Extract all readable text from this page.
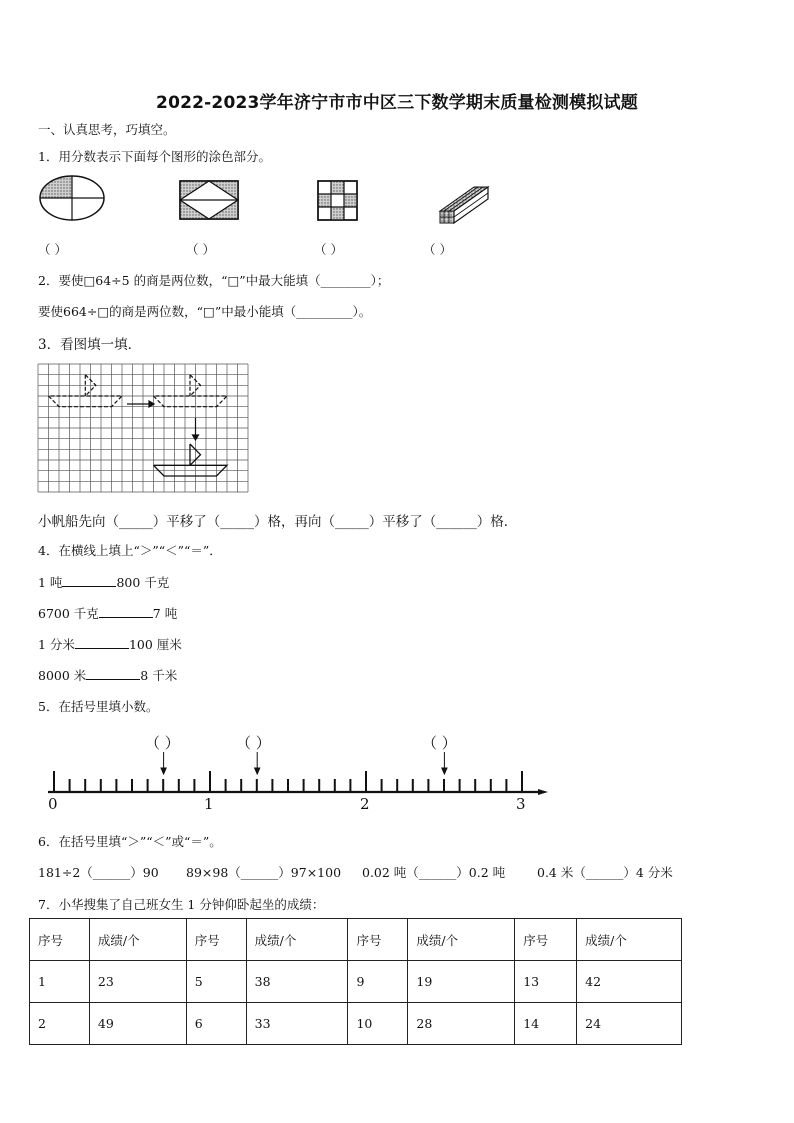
2022-2023学年济宁市市中区三下数学期末质量检测模拟试题
一、认真思考，巧填空。
1．用分数表示下面每个图形的涂色部分。
（ ）	（ ）	（ ）	（ ）
2．要使□64÷5 的商是两位数，“□”中最大能填（________）；
要使664÷□的商是两位数，“□”中最小能填（_________）。
3．看图填一填．
小帆船先向（_____）平移了（_____）格，再向（_____）平移了（______）格．
4．在横线上填上“＞”“＜”“＝”．
1 吨	800 千克
6700 千克	7 吨
1 分米	100 厘米
8000 米	8 千米
5．在括号里填小数。
（ ）	（ ）	（ ）
0	1	2	3
6．在括号里填“＞”“＜”或“＝”。
181÷2（______）90 89×98（______）97×100 0.02 吨（______）0.2 吨	0.4 米（______）4 分米
7．小华搜集了自己班女生 1 分钟仰卧起坐的成绩：
序号	成绩/个	序号	成绩/个	序号	成绩/个	序号	成绩/个
1	23	5	38	9	19	13	42
2	49	6	33	10	28	14	24
